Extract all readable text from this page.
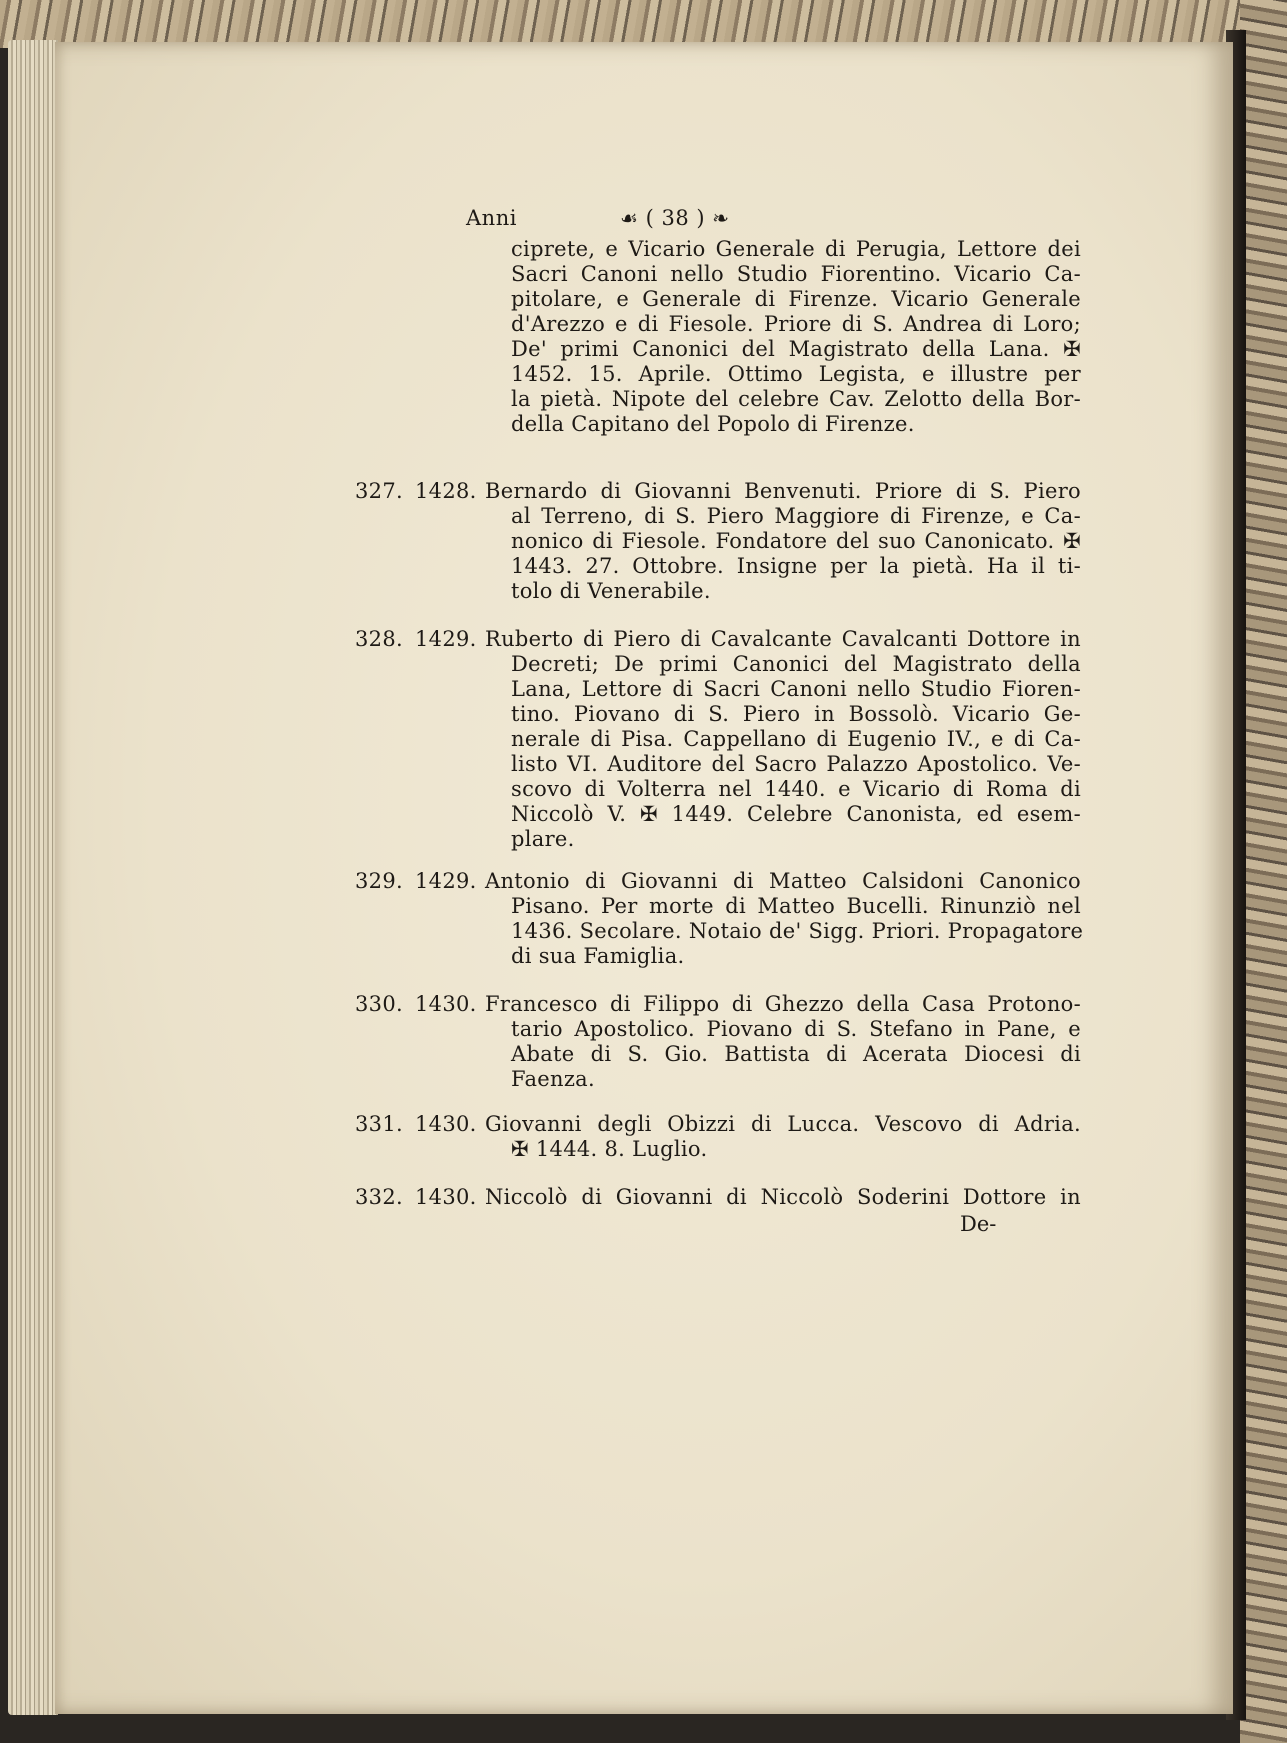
Anni	☙ ( 38 ) ❧
ciprete, e Vicario Generale di Perugia, Lettore dei
Sacri Canoni nello Studio Fiorentino. Vicario Ca-
pitolare, e Generale di Firenze. Vicario Generale
d'Arezzo e di Fiesole. Priore di S. Andrea di Loro;
De' primi Canonici del Magistrato della Lana. ✠
1452. 15. Aprile. Ottimo Legista, e illustre per
la pietà. Nipote del celebre Cav. Zelotto della Bor-
della Capitano del Popolo di Firenze.
327. 1428. Bernardo di Giovanni Benvenuti. Priore di S. Piero
al Terreno, di S. Piero Maggiore di Firenze, e Ca-
nonico di Fiesole. Fondatore del suo Canonicato. ✠
1443. 27. Ottobre. Insigne per la pietà. Ha il ti-
tolo di Venerabile.
328. 1429. Ruberto di Piero di Cavalcante Cavalcanti Dottore in
Decreti; De primi Canonici del Magistrato della
Lana, Lettore di Sacri Canoni nello Studio Fioren-
tino. Piovano di S. Piero in Bossolò. Vicario Ge-
nerale di Pisa. Cappellano di Eugenio IV., e di Ca-
listo VI. Auditore del Sacro Palazzo Apostolico. Ve-
scovo di Volterra nel 1440. e Vicario di Roma di
Niccolò V. ✠ 1449. Celebre Canonista, ed esem-
plare.
329. 1429. Antonio di Giovanni di Matteo Calsidoni Canonico
Pisano. Per morte di Matteo Bucelli. Rinunziò nel
1436. Secolare. Notaio de' Sigg. Priori. Propagatore
di sua Famiglia.
330. 1430. Francesco di Filippo di Ghezzo della Casa Protono-
tario Apostolico. Piovano di S. Stefano in Pane, e
Abate di S. Gio. Battista di Acerata Diocesi di
Faenza.
331. 1430. Giovanni degli Obizzi di Lucca. Vescovo di Adria.
✠ 1444. 8. Luglio.
332. 1430. Niccolò di Giovanni di Niccolò Soderini Dottore in
De-
